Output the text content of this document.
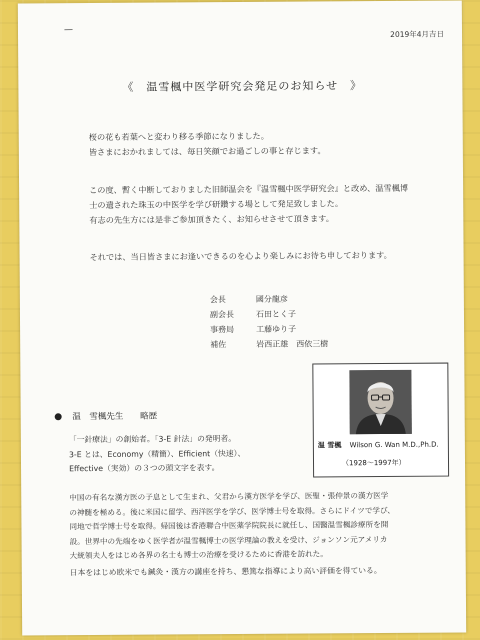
—	2019年4月吉日
《　温雪楓中医学研究会発足のお知らせ　》
桜の花も若葉へと変わり移る季節になりました。
皆さまにおかれましては、毎日笑顔でお過ごしの事と存じます。
この度、暫く中断しておりました旧師温会を『温雪楓中医学研究会』と改め、温雪楓博
士の遺された珠玉の中医学を学び研鑽する場として発足致しました。
有志の先生方には是非ご参加頂きたく、お知らせさせて頂きます。
それでは、当日皆さまにお逢いできるのを心より楽しみにお待ち申しております。
会長	國分龍彦
副会長	石田とく子
事務局	工藤ゆり子
補佐	岩西正雄　西依三樹
温 雪楓 Wilson G. Wan M.D.,Ph.D.
（1928〜1997年）
温　雪楓先生 略歴
「一針療法」の創始者。「3-E 針法」の発明者。
3-E とは、Economy（精簡）、Efficient（快速）、
Effective（実効）の３つの頭文字を表す。
中国の有名な漢方医の子息として生まれ、父君から漢方医学を学び、医聖・張仲景の漢方医学
の神髄を極める。後に米国に留学、西洋医学を学び、医学博士号を取得。さらにドイツで学び、
同地で哲学博士号を取得。帰国後は香港聯合中医薬学院院長に就任し、国醫温雪楓診療所を開
設。世界中の先端をゆく医学者が温雪楓博士の医学理論の教えを受け、ジョンソン元アメリカ
大統領夫人をはじめ各界の名士も博士の治療を受けるために香港を訪れた。
日本をはじめ欧米でも鍼灸・漢方の講座を持ち、懇篤な指導により高い評価を得ている。
